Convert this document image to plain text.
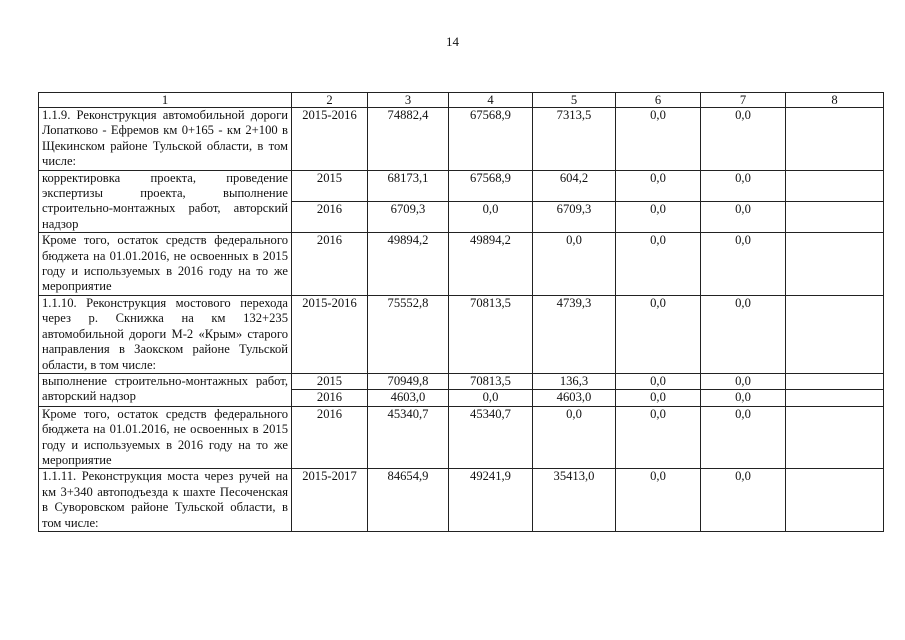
14
1	2	3	4	5	6	7	8
1.1.9. Реконструкция автомобильной дороги Лопатково - Ефремов км 0+165 - км 2+100 в Щекинском районе Тульской области, в том числе:	2015-2016	74882,4	67568,9	7313,5	0,0	0,0	
корректировка проекта, проведение экспертизы проекта, выполнение строительно-монтажных работ, авторский надзор	2015	68173,1	67568,9	604,2	0,0	0,0	
	2016	6709,3	0,0	6709,3	0,0	0,0	
Кроме того, остаток средств федерального бюджета на 01.01.2016, не освоенных в 2015 году и используемых в 2016 году на то же мероприятие	2016	49894,2	49894,2	0,0	0,0	0,0	
1.1.10. Реконструкция мостового перехода через р. Скнижка на км 132+235 автомобильной дороги М-2 «Крым» старого направления в Заокском районе Тульской области, в том числе:	2015-2016	75552,8	70813,5	4739,3	0,0	0,0	
выполнение строительно-монтажных работ, авторский надзор	2015	70949,8	70813,5	136,3	0,0	0,0	
	2016	4603,0	0,0	4603,0	0,0	0,0	
Кроме того, остаток средств федерального бюджета на 01.01.2016, не освоенных в 2015 году и используемых в 2016 году на то же мероприятие	2016	45340,7	45340,7	0,0	0,0	0,0	
1.1.11. Реконструкция моста через ручей на км 3+340 автоподъезда к шахте Песоченская в Суворовском районе Тульской области, в том числе:	2015-2017	84654,9	49241,9	35413,0	0,0	0,0	
